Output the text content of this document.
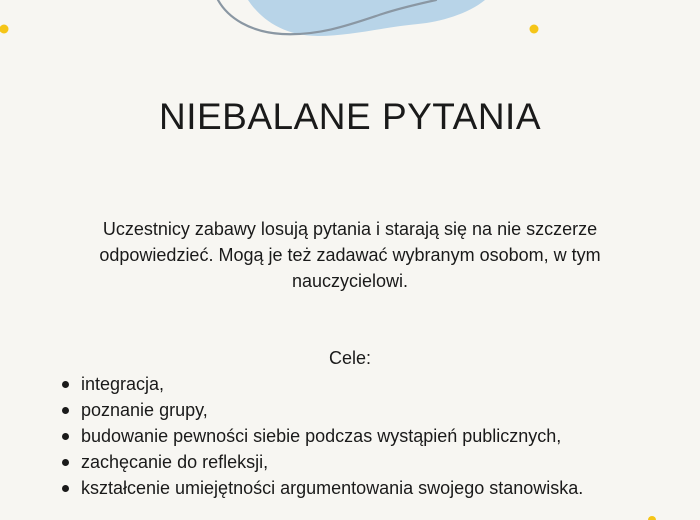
NIEBALANE PYTANIA

Uczestnicy zabawy losują pytania i starają się na nie szczerze odpowiedzieć. Mogą je też zadawać wybranym osobom, w tym nauczycielowi.

Cele:
integracja,
poznanie grupy,
budowanie pewności siebie podczas wystąpień publicznych,
zachęcanie do refleksji,
kształcenie umiejętności argumentowania swojego stanowiska.
